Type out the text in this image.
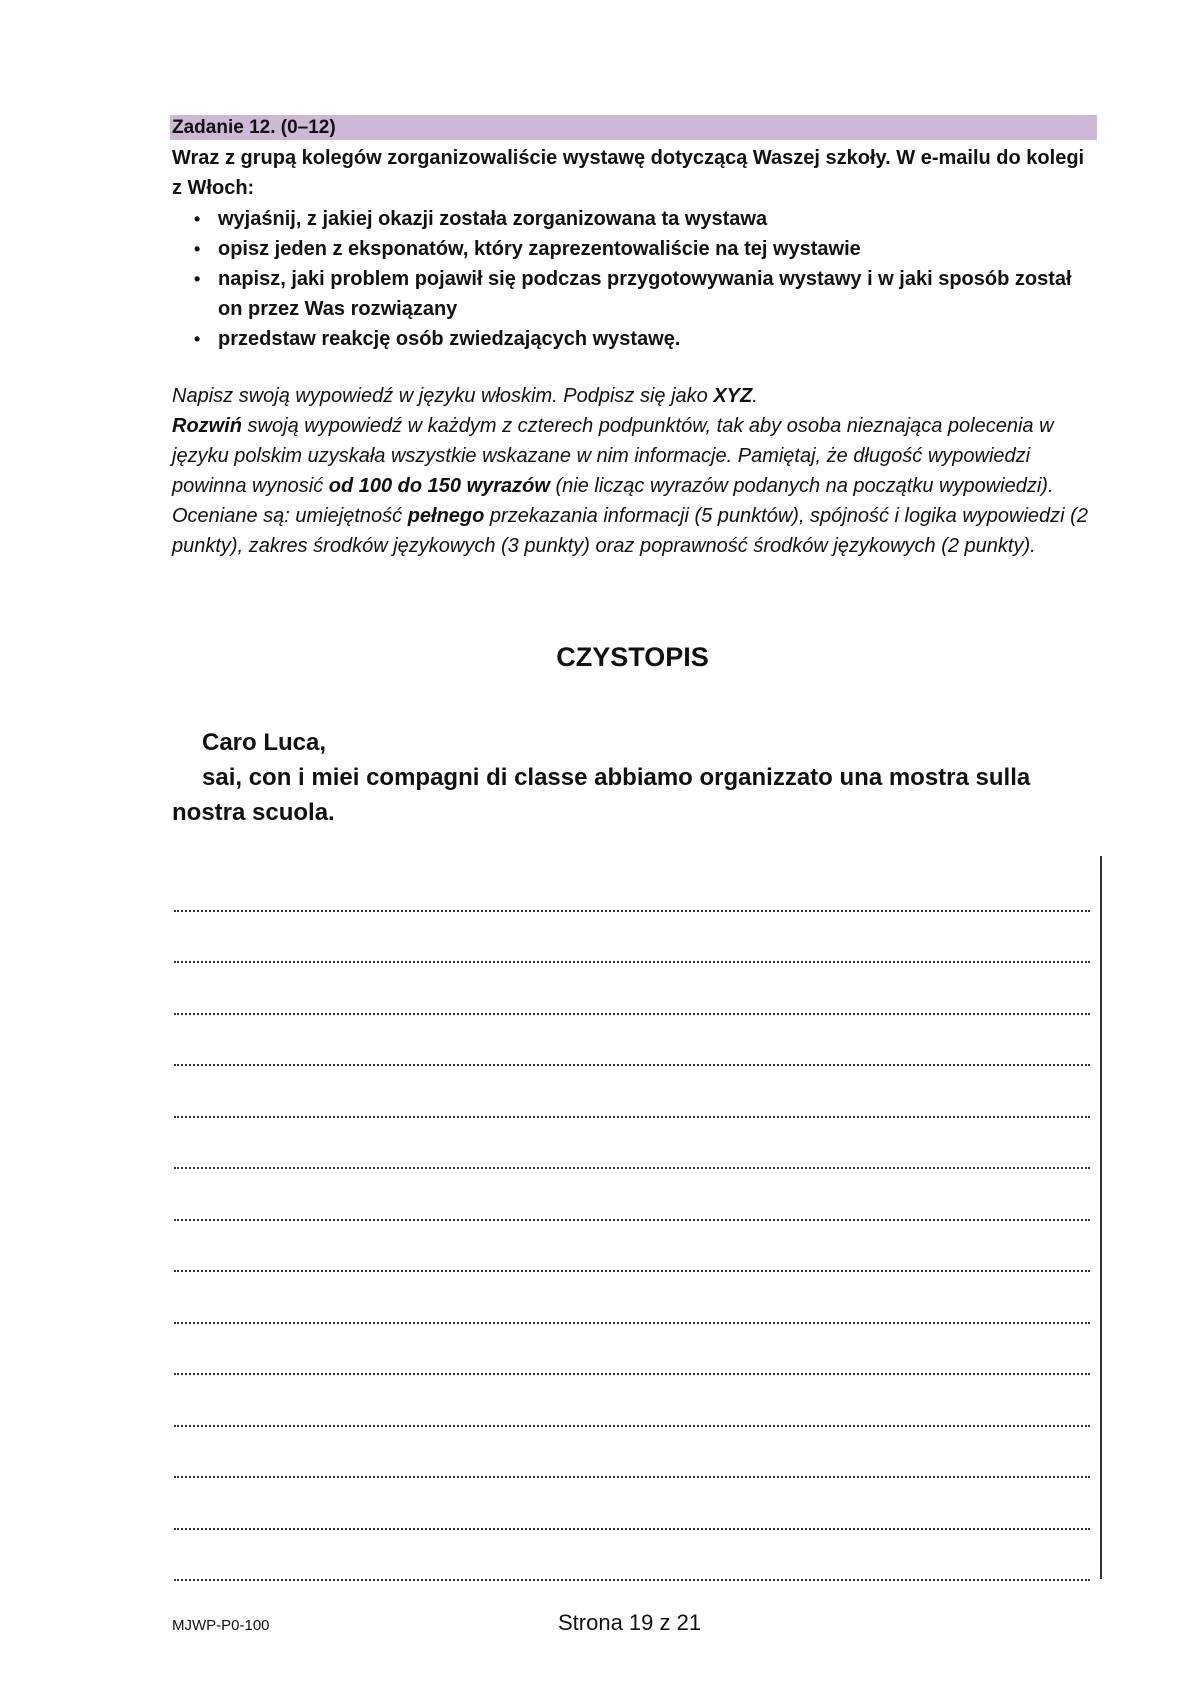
Zadanie 12. (0–12)
Wraz z grupą kolegów zorganizowaliście wystawę dotyczącą Waszej szkoły. W e-mailu do kolegi z Włoch:
• wyjaśnij, z jakiej okazji została zorganizowana ta wystawa
• opisz jeden z eksponatów, który zaprezentowaliście na tej wystawie
• napisz, jaki problem pojawił się podczas przygotowywania wystawy i w jaki sposób został on przez Was rozwiązany
• przedstaw reakcję osób zwiedzających wystawę.

Napisz swoją wypowiedź w języku włoskim. Podpisz się jako XYZ.

Rozwiń swoją wypowiedź w każdym z czterech podpunktów, tak aby osoba nieznająca polecenia w języku polskim uzyskała wszystkie wskazane w nim informacje. Pamiętaj, że długość wypowiedzi powinna wynosić od 100 do 150 wyrazów (nie licząc wyrazów podanych na początku wypowiedzi). Oceniane są: umiejętność pełnego przekazania informacji (5 punktów), spójność i logika wypowiedzi (2 punkty), zakres środków językowych (3 punkty) oraz poprawność środków językowych (2 punkty).

CZYSTOPIS

Caro Luca,

sai, con i miei compagni di classe abbiamo organizzato una mostra sulla nostra scuola.

MJWP-P0-100	Strona 19 z 21
